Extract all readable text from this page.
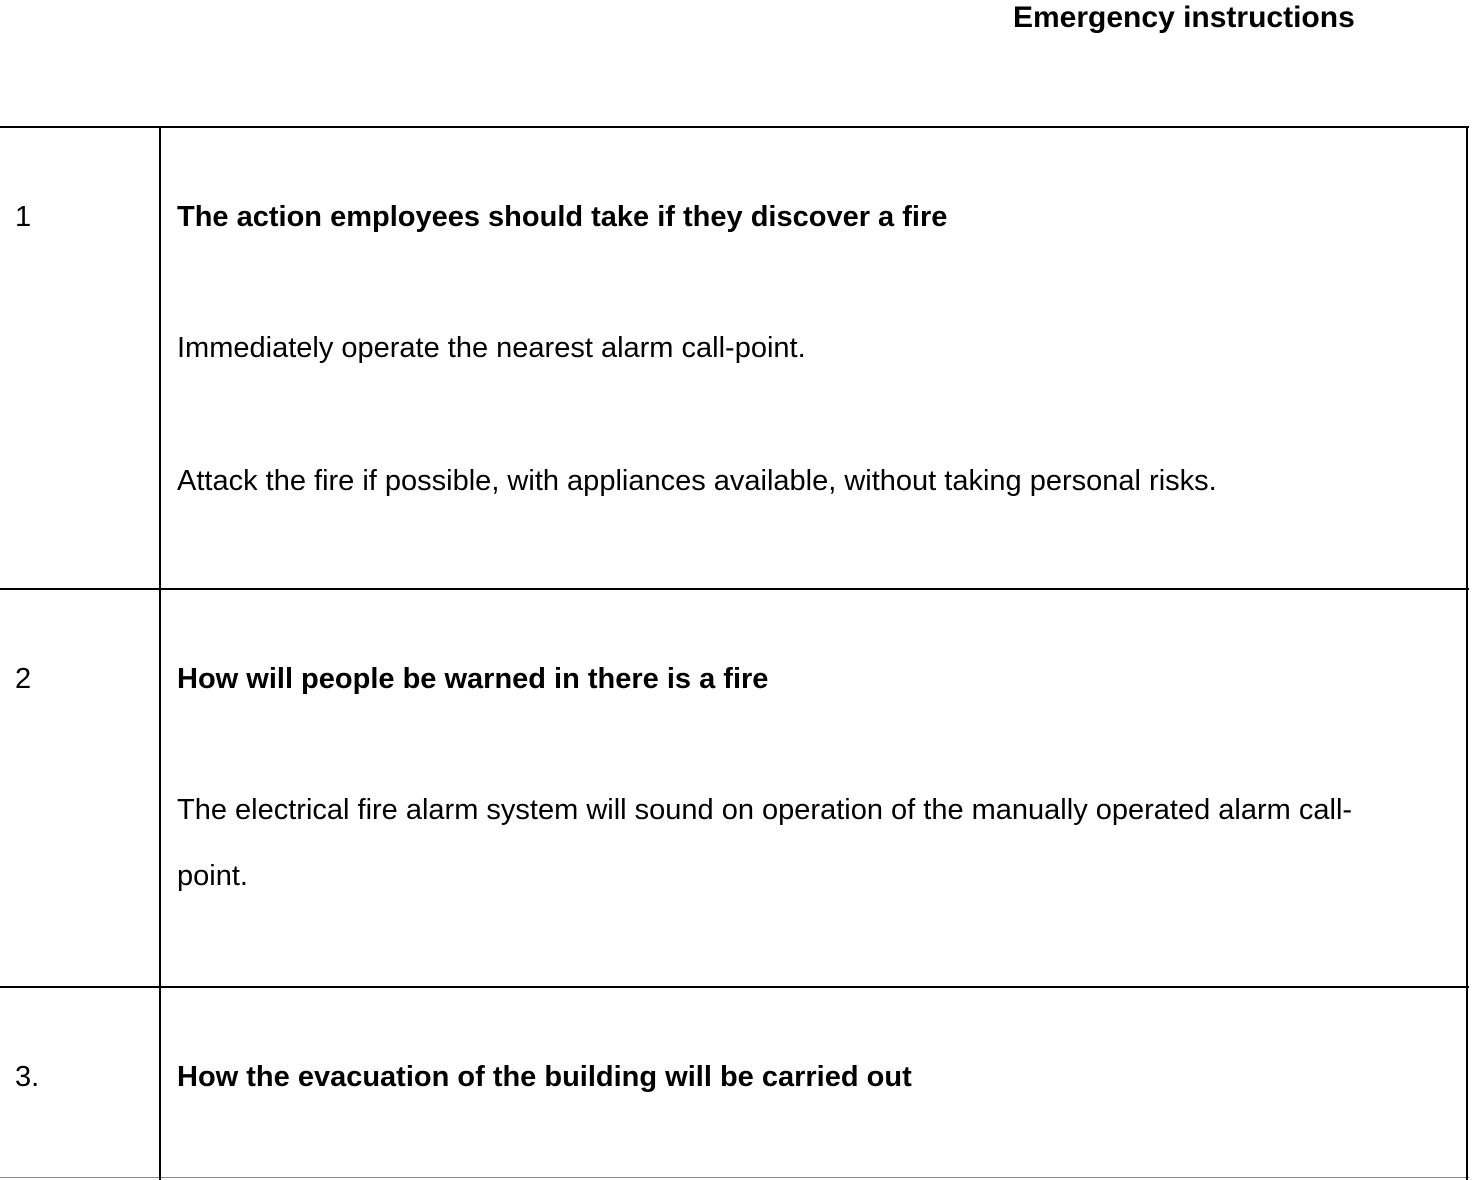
Emergency instructions
1	The action employees should take if they discover a fire
Immediately operate the nearest alarm call-point.
Attack the fire if possible, with appliances available, without taking personal risks.
2	How will people be warned in there is a fire
The electrical fire alarm system will sound on operation of the manually operated alarm call-point.
3.	How the evacuation of the building will be carried out
